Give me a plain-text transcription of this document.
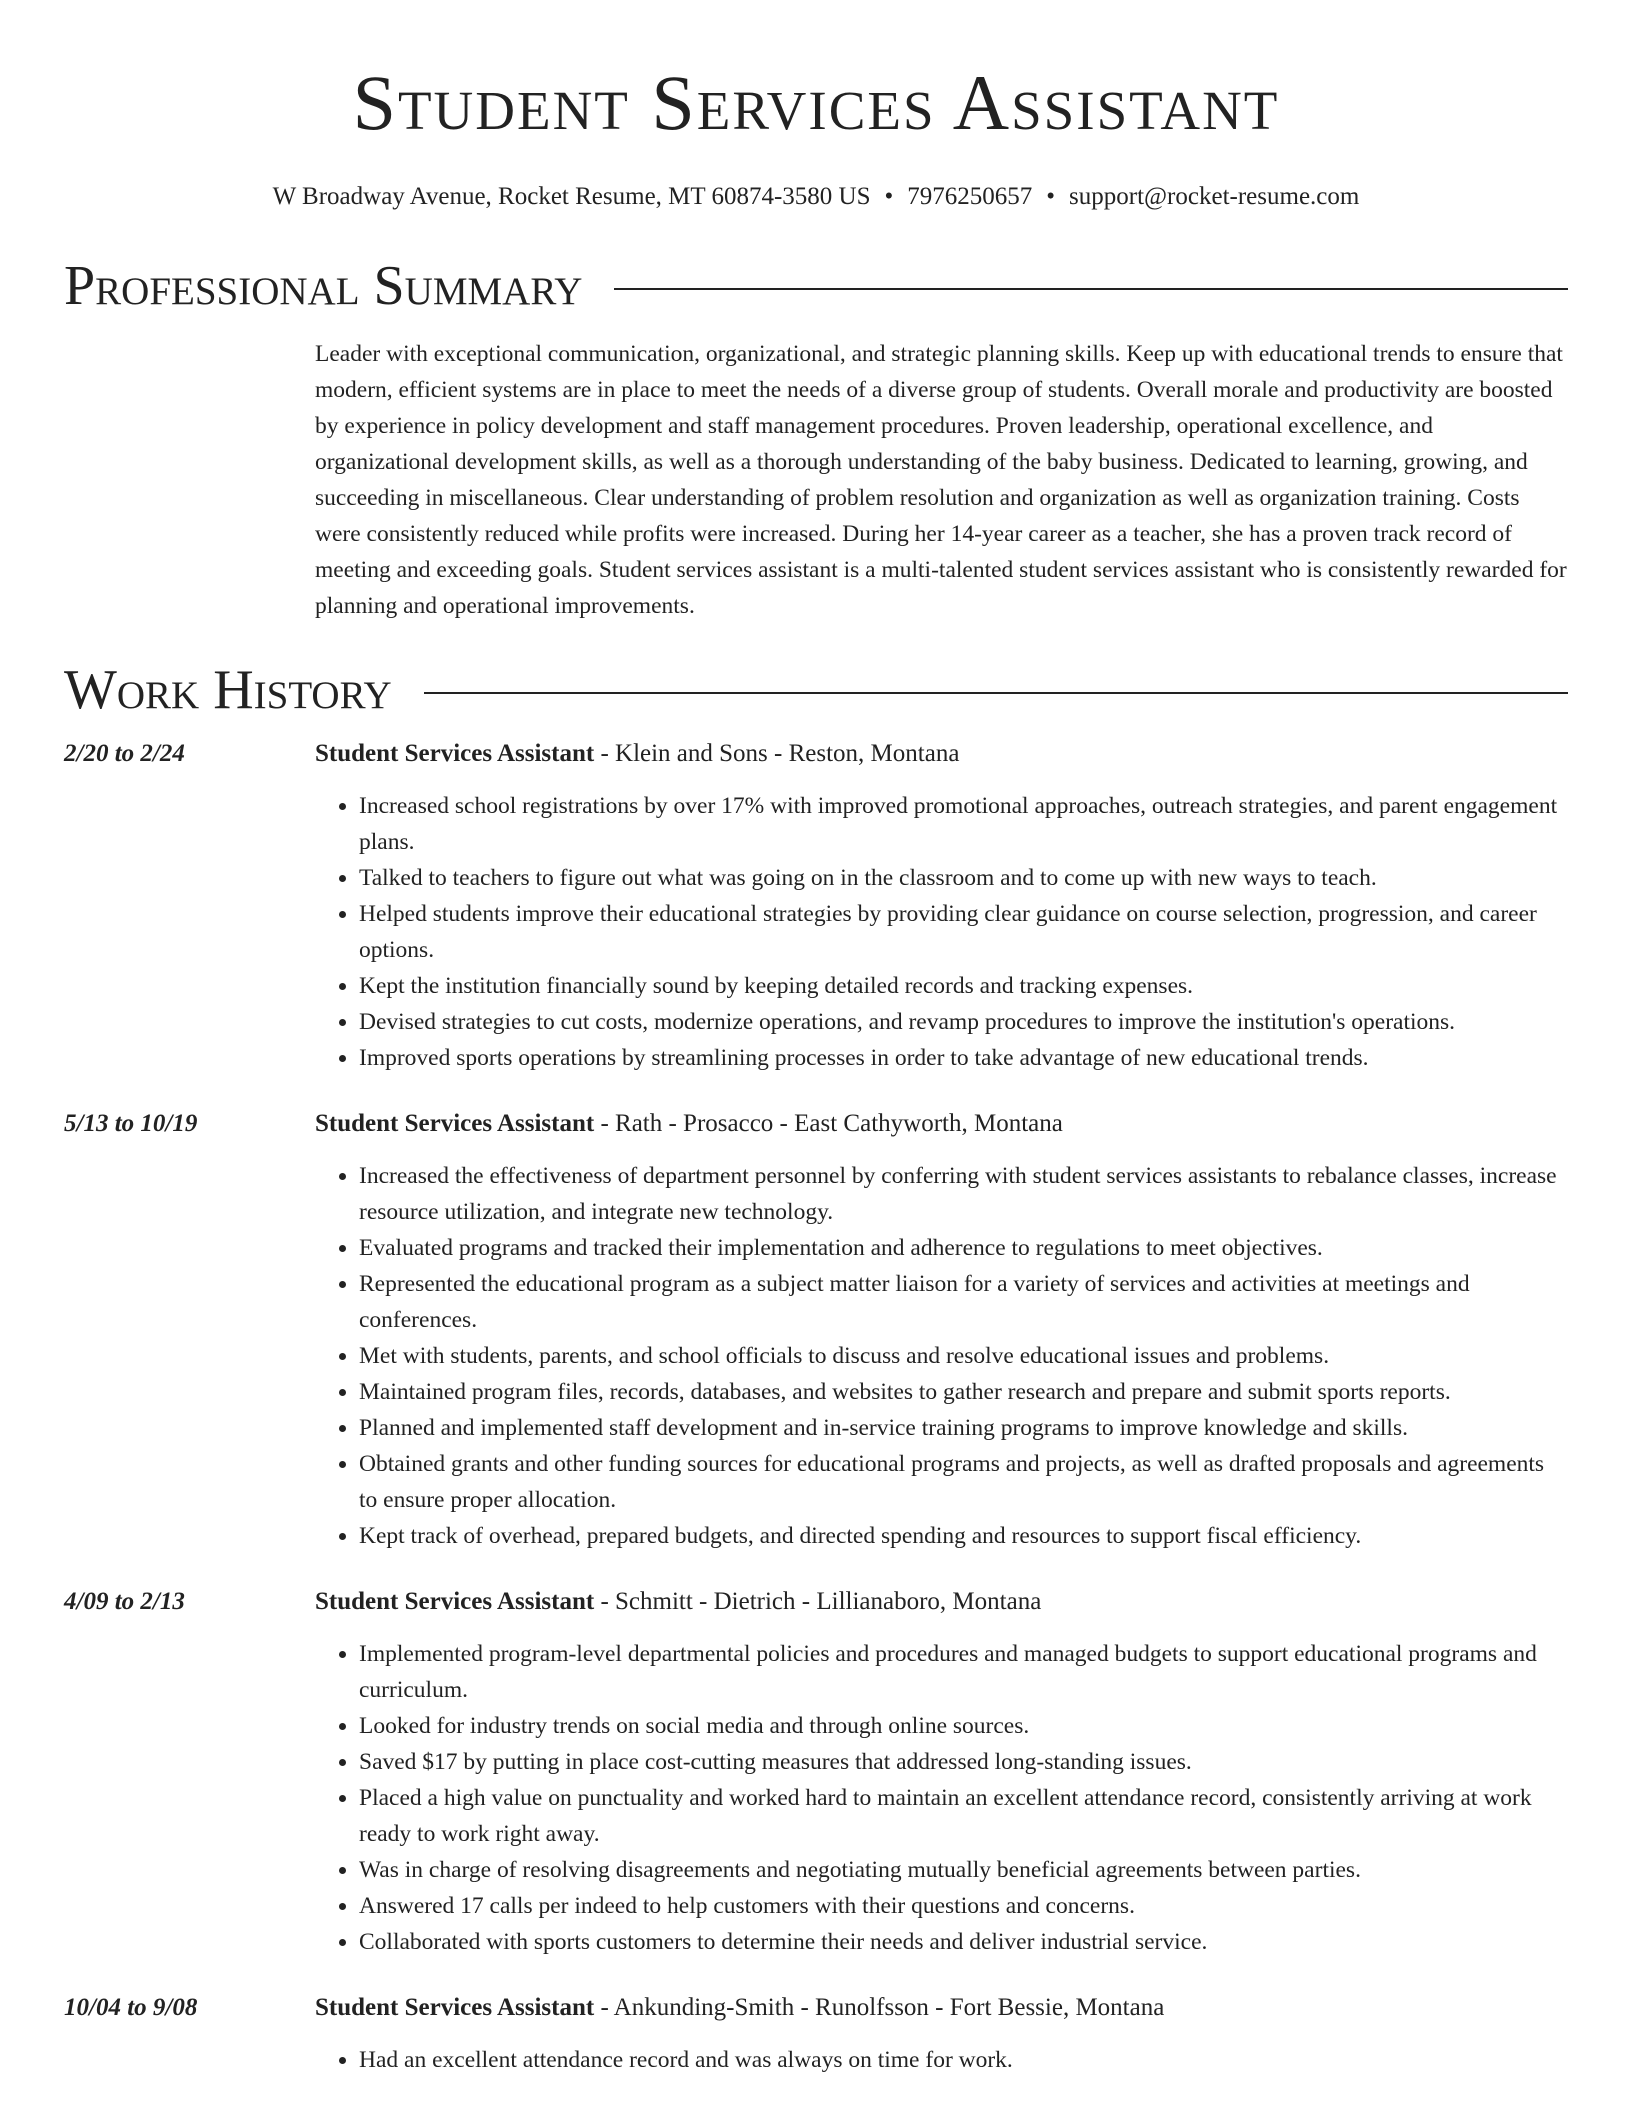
Student Services Assistant
W Broadway Avenue, Rocket Resume, MT 60874-3580 US • 7976250657 • support@rocket-resume.com
Professional Summary

Leader with exceptional communication, organizational, and strategic planning skills. Keep up with educational trends to ensure that modern, efficient systems are in place to meet the needs of a diverse group of students. Overall morale and productivity are boosted by experience in policy development and staff management procedures. Proven leadership, operational excellence, and organizational development skills, as well as a thorough understanding of the baby business. Dedicated to learning, growing, and succeeding in miscellaneous. Clear understanding of problem resolution and organization as well as organization training. Costs were consistently reduced while profits were increased. During her 14-year career as a teacher, she has a proven track record of meeting and exceeding goals. Student services assistant is a multi-talented student services assistant who is consistently rewarded for planning and operational improvements.

Work History
2/20 to 2/24	Student Services Assistant - Klein and Sons - Reston, Montana
• Increased school registrations by over 17% with improved promotional approaches, outreach strategies, and parent engagement plans.
• Talked to teachers to figure out what was going on in the classroom and to come up with new ways to teach.
• Helped students improve their educational strategies by providing clear guidance on course selection, progression, and career options.
• Kept the institution financially sound by keeping detailed records and tracking expenses.
• Devised strategies to cut costs, modernize operations, and revamp procedures to improve the institution's operations.
• Improved sports operations by streamlining processes in order to take advantage of new educational trends.
5/13 to 10/19	Student Services Assistant - Rath - Prosacco - East Cathyworth, Montana
• Increased the effectiveness of department personnel by conferring with student services assistants to rebalance classes, increase resource utilization, and integrate new technology.
• Evaluated programs and tracked their implementation and adherence to regulations to meet objectives.
• Represented the educational program as a subject matter liaison for a variety of services and activities at meetings and conferences.
• Met with students, parents, and school officials to discuss and resolve educational issues and problems.
• Maintained program files, records, databases, and websites to gather research and prepare and submit sports reports.
• Planned and implemented staff development and in-service training programs to improve knowledge and skills.
• Obtained grants and other funding sources for educational programs and projects, as well as drafted proposals and agreements to ensure proper allocation.
• Kept track of overhead, prepared budgets, and directed spending and resources to support fiscal efficiency.
4/09 to 2/13	Student Services Assistant - Schmitt - Dietrich - Lillianaboro, Montana
• Implemented program-level departmental policies and procedures and managed budgets to support educational programs and curriculum.
• Looked for industry trends on social media and through online sources.
• Saved $17 by putting in place cost-cutting measures that addressed long-standing issues.
• Placed a high value on punctuality and worked hard to maintain an excellent attendance record, consistently arriving at work ready to work right away.
• Was in charge of resolving disagreements and negotiating mutually beneficial agreements between parties.
• Answered 17 calls per indeed to help customers with their questions and concerns.
• Collaborated with sports customers to determine their needs and deliver industrial service.
10/04 to 9/08	Student Services Assistant - Ankunding-Smith - Runolfsson - Fort Bessie, Montana
• Had an excellent attendance record and was always on time for work.
